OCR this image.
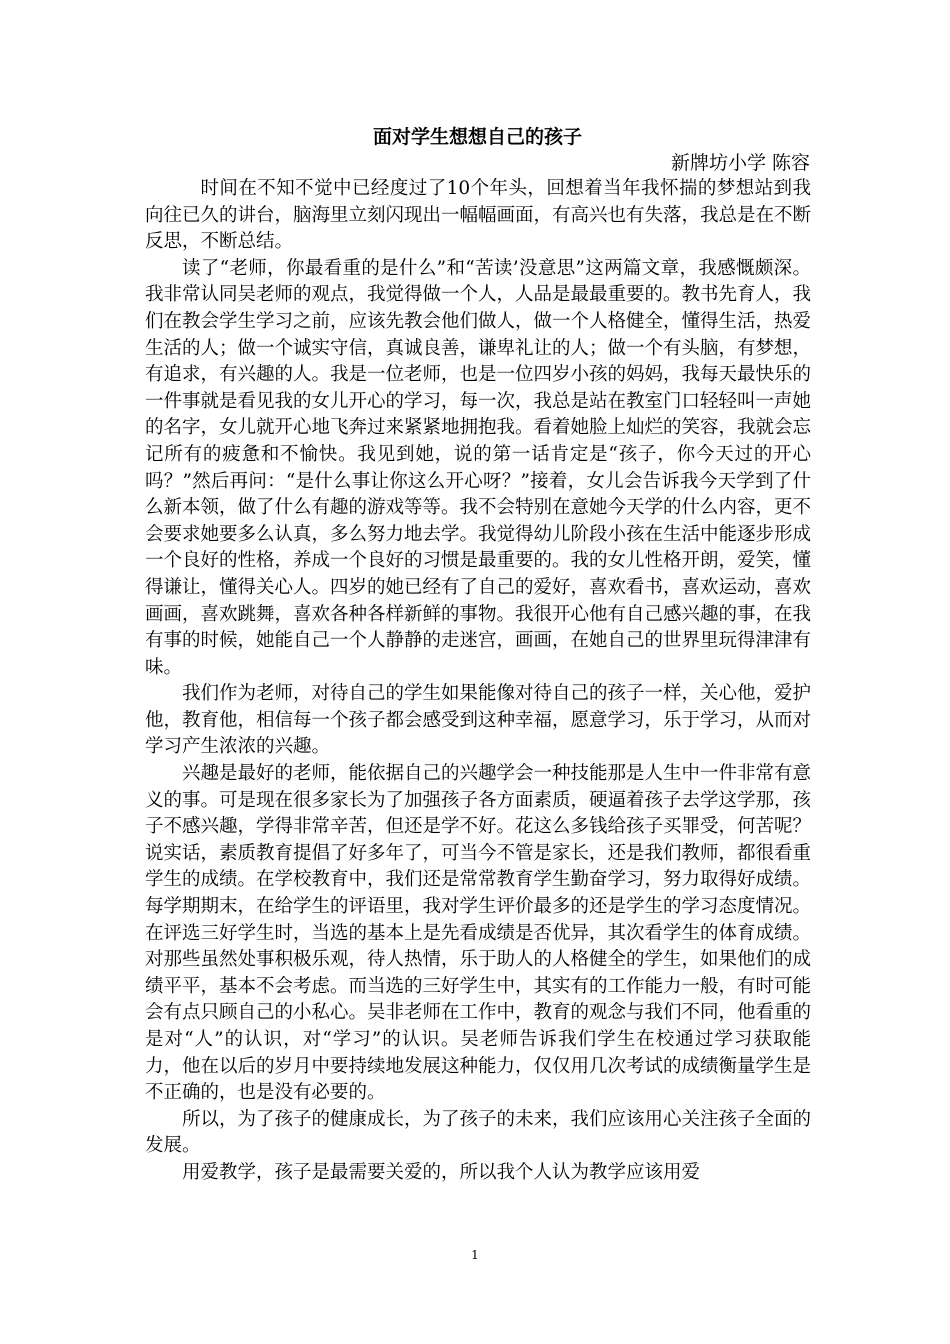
面对学生想想自己的孩子
新牌坊小学 陈容

时间在不知不觉中已经度过了10个年头，回想着当年我怀揣的梦想站到我向往已久的讲台，脑海里立刻闪现出一幅幅画面，有高兴也有失落，我总是在不断反思，不断总结。

读了“老师，你最看重的是什么”和“苦读’没意思”这两篇文章，我感慨颇深。我非常认同吴老师的观点，我觉得做一个人，人品是最最重要的。教书先育人，我们在教会学生学习之前，应该先教会他们做人，做一个人格健全，懂得生活，热爱生活的人；做一个诚实守信，真诚良善，谦卑礼让的人；做一个有头脑，有梦想，有追求，有兴趣的人。我是一位老师，也是一位四岁小孩的妈妈，我每天最快乐的一件事就是看见我的女儿开心的学习，每一次，我总是站在教室门口轻轻叫一声她的名字，女儿就开心地飞奔过来紧紧地拥抱我。看着她脸上灿烂的笑容，我就会忘记所有的疲惫和不愉快。我见到她，说的第一话肯定是“孩子，你今天过的开心吗？”然后再问：“是什么事让你这么开心呀？”接着，女儿会告诉我今天学到了什么新本领，做了什么有趣的游戏等等。我不会特别在意她今天学的什么内容，更不会要求她要多么认真，多么努力地去学。我觉得幼儿阶段小孩在生活中能逐步形成一个良好的性格，养成一个良好的习惯是最重要的。我的女儿性格开朗，爱笑，懂得谦让，懂得关心人。四岁的她已经有了自己的爱好，喜欢看书，喜欢运动，喜欢画画，喜欢跳舞，喜欢各种各样新鲜的事物。我很开心他有自己感兴趣的事，在我有事的时候，她能自己一个人静静的走迷宫，画画，在她自己的世界里玩得津津有味。

我们作为老师，对待自己的学生如果能像对待自己的孩子一样，关心他，爱护他，教育他，相信每一个孩子都会感受到这种幸福，愿意学习，乐于学习，从而对学习产生浓浓的兴趣。

兴趣是最好的老师，能依据自己的兴趣学会一种技能那是人生中一件非常有意义的事。可是现在很多家长为了加强孩子各方面素质，硬逼着孩子去学这学那，孩子不感兴趣，学得非常辛苦，但还是学不好。花这么多钱给孩子买罪受，何苦呢？说实话，素质教育提倡了好多年了，可当今不管是家长，还是我们教师，都很看重学生的成绩。在学校教育中，我们还是常常教育学生勤奋学习，努力取得好成绩。每学期期末，在给学生的评语里，我对学生评价最多的还是学生的学习态度情况。在评选三好学生时，当选的基本上是先看成绩是否优异，其次看学生的体育成绩。对那些虽然处事积极乐观，待人热情，乐于助人的人格健全的学生，如果他们的成绩平平，基本不会考虑。而当选的三好学生中，其实有的工作能力一般，有时可能会有点只顾自己的小私心。吴非老师在工作中，教育的观念与我们不同，他看重的是对“人”的认识，对“学习”的认识。吴老师告诉我们学生在校通过学习获取能力，他在以后的岁月中要持续地发展这种能力，仅仅用几次考试的成绩衡量学生是不正确的，也是没有必要的。

所以，为了孩子的健康成长，为了孩子的未来，我们应该用心关注孩子全面的发展。

用爱教学，孩子是最需要关爱的，所以我个人认为教学应该用爱

1
